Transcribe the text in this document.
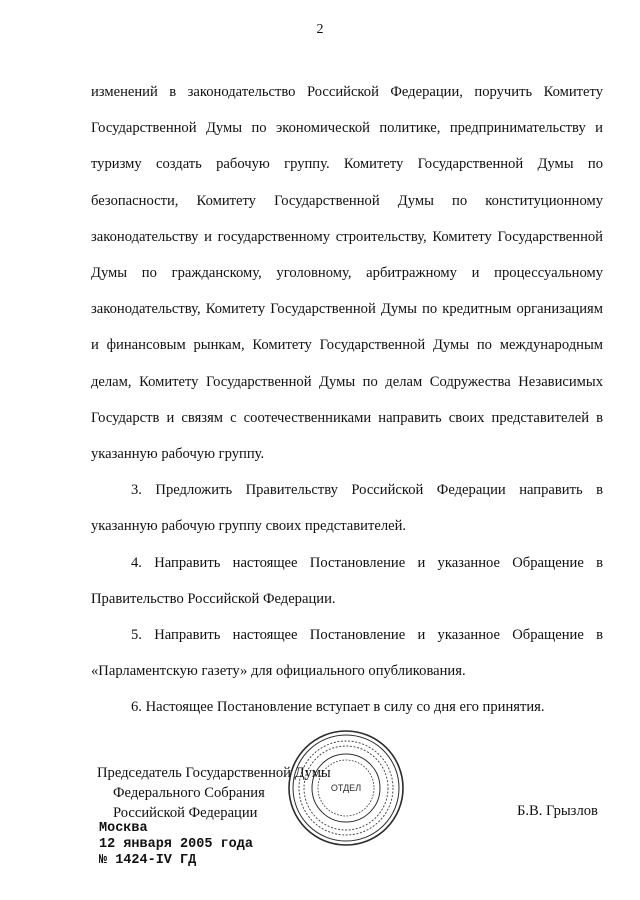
2

изменений в законодательство Российской Федерации, поручить Комитету Государственной Думы по экономической политике, предпринимательству и туризму создать рабочую группу. Комитету Государственной Думы по безопасности, Комитету Государственной Думы по конституционному законодательству и государственному строительству, Комитету Государственной Думы по гражданскому, уголовному, арбитражному и процессуальному законодательству, Комитету Государственной Думы по кредитным организациям и финансовым рынкам, Комитету Государственной Думы по международным делам, Комитету Государственной Думы по делам Содружества Независимых Государств и связям с соотечественниками направить своих представителей в указанную рабочую группу.

3. Предложить Правительству Российской Федерации направить в указанную рабочую группу своих представителей.

4. Направить настоящее Постановление и указанное Обращение в Правительство Российской Федерации.

5. Направить настоящее Постановление и указанное Обращение в «Парламентскую газету» для официального опубликования.

6. Настоящее Постановление вступает в силу со дня его принятия.

ОТДЕЛ
Председатель Государственной Думы
Федерального Собрания
Российской Федерации	Б.В. Грызлов
Москва
12 января 2005 года
№ 1424-IV ГД
